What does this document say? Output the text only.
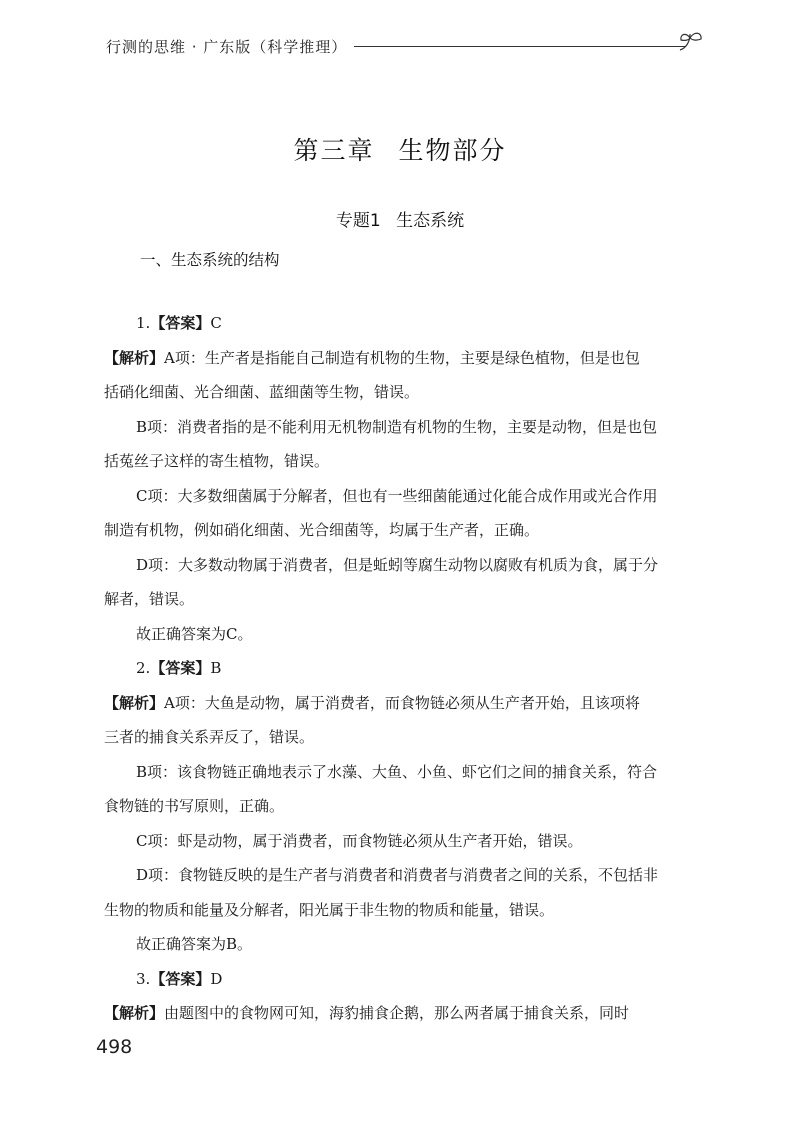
行测的思维 · 广东版（科学推理）
第三章 生物部分
专题1 生态系统
一、生态系统的结构
1.【答案】C
【解析】A项：生产者是指能自己制造有机物的生物，主要是绿色植物，但是也包
括硝化细菌、光合细菌、蓝细菌等生物，错误。
B项：消费者指的是不能利用无机物制造有机物的生物，主要是动物，但是也包
括菟丝子这样的寄生植物，错误。
C项：大多数细菌属于分解者，但也有一些细菌能通过化能合成作用或光合作用
制造有机物，例如硝化细菌、光合细菌等，均属于生产者，正确。
D项：大多数动物属于消费者，但是蚯蚓等腐生动物以腐败有机质为食，属于分
解者，错误。
故正确答案为C。
2.【答案】B
【解析】A项：大鱼是动物，属于消费者，而食物链必须从生产者开始，且该项将
三者的捕食关系弄反了，错误。
B项：该食物链正确地表示了水藻、大鱼、小鱼、虾它们之间的捕食关系，符合
食物链的书写原则，正确。
C项：虾是动物，属于消费者，而食物链必须从生产者开始，错误。
D项：食物链反映的是生产者与消费者和消费者与消费者之间的关系，不包括非
生物的物质和能量及分解者，阳光属于非生物的物质和能量，错误。
故正确答案为B。
3.【答案】D
【解析】由题图中的食物网可知，海豹捕食企鹅，那么两者属于捕食关系，同时
498
